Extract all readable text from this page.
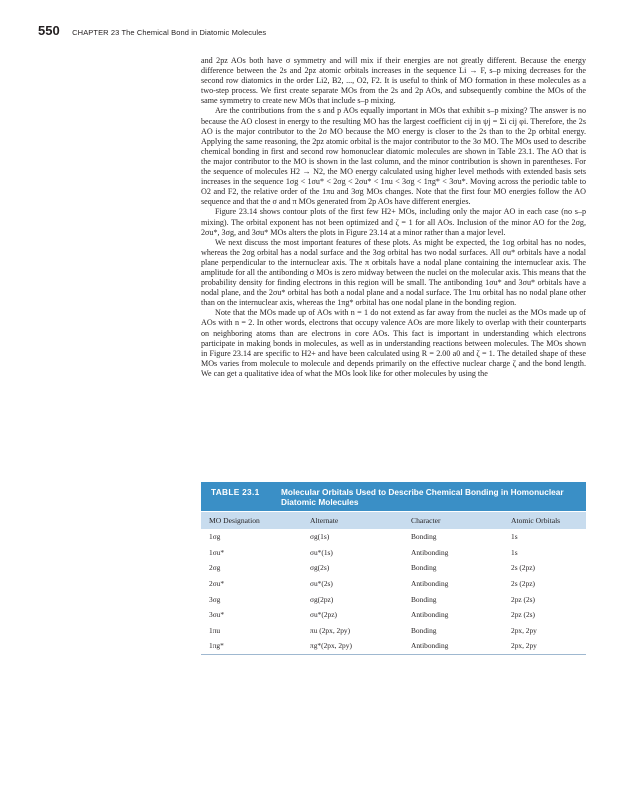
550 CHAPTER 23 The Chemical Bond in Diatomic Molecules

and 2pz AOs both have σ symmetry and will mix if their energies are not greatly different. Because the energy difference between the 2s and 2pz atomic orbitals increases in the sequence Li → F, s–p mixing decreases for the second row diatomics in the order Li2, B2, ..., O2, F2. It is useful to think of MO formation in these molecules as a two-step process. We first create separate MOs from the 2s and 2p AOs, and subsequently combine the MOs of the same symmetry to create new MOs that include s–p mixing.

Are the contributions from the s and p AOs equally important in MOs that exhibit s–p mixing? The answer is no because the AO closest in energy to the resulting MO has the largest coefficient cij in ψj = Σi cij φi. Therefore, the 2s AO is the major contributor to the 2σ MO because the MO energy is closer to the 2s than to the 2p orbital energy. Applying the same reasoning, the 2pz atomic orbital is the major contributor to the 3σ MO. The MOs used to describe chemical bonding in first and second row homonuclear diatomic molecules are shown in Table 23.1. The AO that is the major contributor to the MO is shown in the last column, and the minor contribution is shown in parentheses. For the sequence of molecules H2 → N2, the MO energy calculated using higher level methods with extended basis sets increases in the sequence 1σg < 1σu* < 2σg < 2σu* < 1πu < 3σg < 1πg* < 3σu*. Moving across the periodic table to O2 and F2, the relative order of the 1πu and 3σg MOs changes. Note that the first four MO energies follow the AO sequence and that the σ and π MOs generated from 2p AOs have different energies.

Figure 23.14 shows contour plots of the first few H2+ MOs, including only the major AO in each case (no s–p mixing). The orbital exponent has not been optimized and ζ = 1 for all AOs. Inclusion of the minor AO for the 2σg, 2σu*, 3σg, and 3σu* MOs alters the plots in Figure 23.14 at a minor rather than a major level.

We next discuss the most important features of these plots. As might be expected, the 1σg orbital has no nodes, whereas the 2σg orbital has a nodal surface and the 3σg orbital has two nodal surfaces. All σu* orbitals have a nodal plane perpendicular to the internuclear axis. The π orbitals have a nodal plane containing the internuclear axis. The amplitude for all the antibonding σ MOs is zero midway between the nuclei on the molecular axis. This means that the probability density for finding electrons in this region will be small. The antibonding 1σu* and 3σu* orbitals have a nodal plane, and the 2σu* orbital has both a nodal plane and a nodal surface. The 1πu orbital has no nodal plane other than on the internuclear axis, whereas the 1πg* orbital has one nodal plane in the bonding region.

Note that the MOs made up of AOs with n = 1 do not extend as far away from the nuclei as the MOs made up of AOs with n = 2. In other words, electrons that occupy valence AOs are more likely to overlap with their counterparts on neighboring atoms than are electrons in core AOs. This fact is important in understanding which electrons participate in making bonds in molecules, as well as in understanding reactions between molecules. The MOs shown in Figure 23.14 are specific to H2+ and have been calculated using R = 2.00 a0 and ζ = 1. The detailed shape of these MOs varies from molecule to molecule and depends primarily on the effective nuclear charge ζ and the bond length. We can get a qualitative idea of what the MOs look like for other molecules by using the

TABLE 23.1	Molecular Orbitals Used to Describe Chemical Bonding in Homonuclear Diatomic Molecules
MO Designation	Alternate	Character	Atomic Orbitals
1σg	σg(1s)	Bonding	1s
1σu*	σu*(1s)	Antibonding	1s
2σg	σg(2s)	Bonding	2s (2pz)
2σu*	σu*(2s)	Antibonding	2s (2pz)
3σg	σg(2pz)	Bonding	2pz (2s)
3σu*	σu*(2pz)	Antibonding	2pz (2s)
1πu	πu (2px, 2py)	Bonding	2px, 2py
1πg*	πg*(2px, 2py)	Antibonding	2px, 2py
